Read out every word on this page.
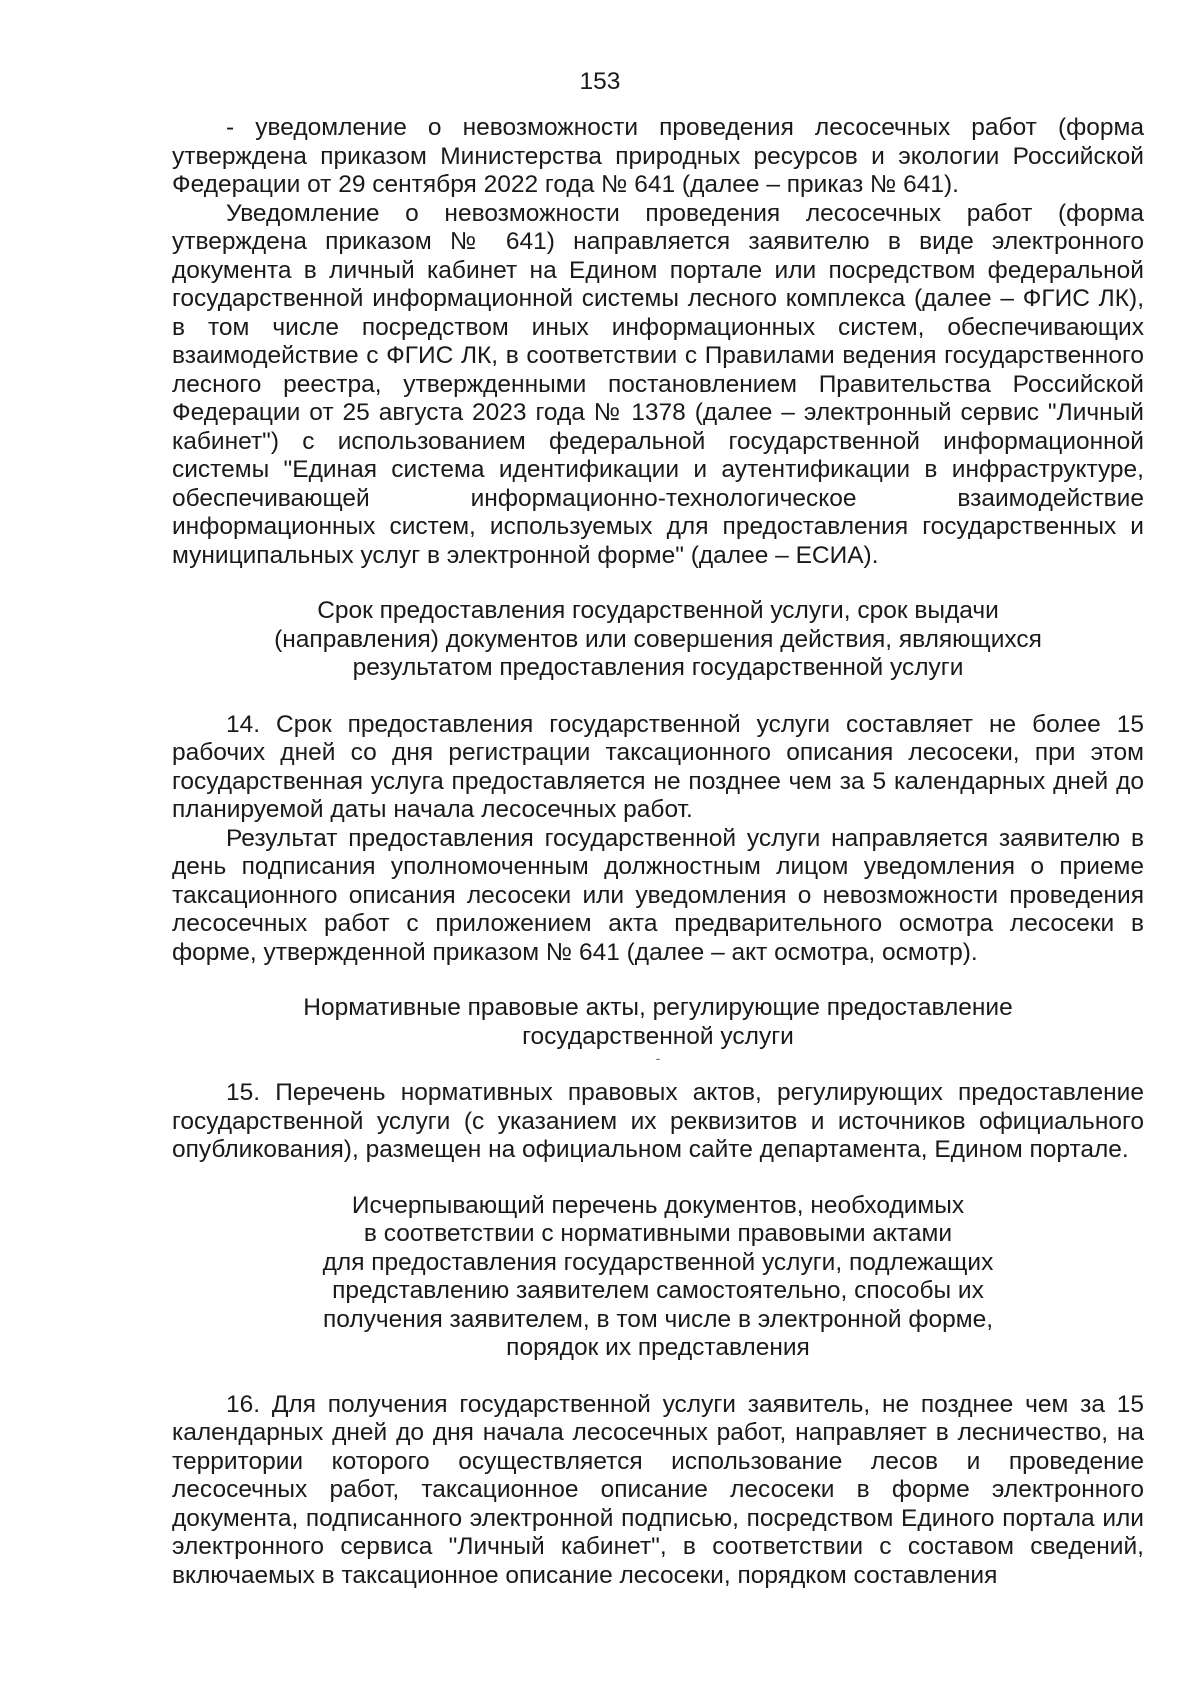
153

- уведомление о невозможности проведения лесосечных работ (форма утверждена приказом Министерства природных ресурсов и экологии Российской Федерации от 29 сентября 2022 года № 641 (далее – приказ № 641).

Уведомление о невозможности проведения лесосечных работ (форма утверждена приказом № 641) направляется заявителю в виде электронного документа в личный кабинет на Едином портале или посредством федеральной государственной информационной системы лесного комплекса (далее – ФГИС ЛК), в том числе посредством иных информационных систем, обеспечивающих взаимодействие с ФГИС ЛК, в соответствии с Правилами ведения государственного лесного реестра, утвержденными постановлением Правительства Российской Федерации от 25 августа 2023 года № 1378 (далее – электронный сервис "Личный кабинет") с использованием федеральной государственной информационной системы "Единая система идентификации и аутентификации в инфраструктуре, обеспечивающей информационно-технологическое взаимодействие информационных систем, используемых для предоставления государственных и муниципальных услуг в электронной форме" (далее – ЕСИА).

Срок предоставления государственной услуги, срок выдачи
(направления) документов или совершения действия, являющихся
результатом предоставления государственной услуги

14. Срок предоставления государственной услуги составляет не более 15 рабочих дней со дня регистрации таксационного описания лесосеки, при этом государственная услуга предоставляется не позднее чем за 5 календарных дней до планируемой даты начала лесосечных работ.

Результат предоставления государственной услуги направляется заявителю в день подписания уполномоченным должностным лицом уведомления о приеме таксационного описания лесосеки или уведомления о невозможности проведения лесосечных работ с приложением акта предварительного осмотра лесосеки в форме, утвержденной приказом № 641 (далее – акт осмотра, осмотр).

Нормативные правовые акты, регулирующие предоставление
государственной услуги
-

15. Перечень нормативных правовых актов, регулирующих предоставление государственной услуги (с указанием их реквизитов и источников официального опубликования), размещен на официальном сайте департамента, Едином портале.

Исчерпывающий перечень документов, необходимых
в соответствии с нормативными правовыми актами
для предоставления государственной услуги, подлежащих
представлению заявителем самостоятельно, способы их
получения заявителем, в том числе в электронной форме,
порядок их представления

16. Для получения государственной услуги заявитель, не позднее чем за 15 календарных дней до дня начала лесосечных работ, направляет в лесничество, на территории которого осуществляется использование лесов и проведение лесосечных работ, таксационное описание лесосеки в форме электронного документа, подписанного электронной подписью, посредством Единого портала или электронного сервиса "Личный кабинет", в соответствии с составом сведений, включаемых в таксационное описание лесосеки, порядком составления
